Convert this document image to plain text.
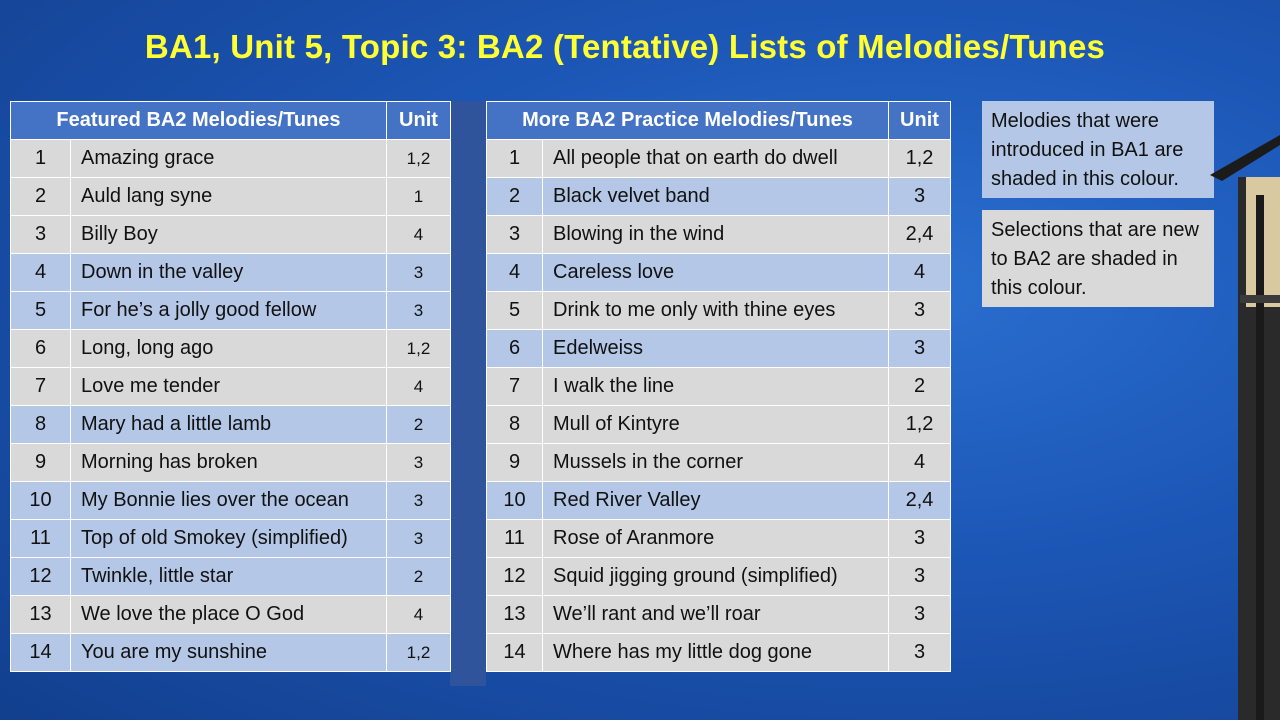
BA1, Unit 5, Topic 3: BA2 (Tentative) Lists of Melodies/Tunes
Featured BA2 Melodies/Tunes		Unit
1	Amazing grace	1,2
2	Auld lang syne	1
3	Billy Boy	4
4	Down in the valley	3
5	For he’s a jolly good fellow	3
6	Long, long ago	1,2
7	Love me tender	4
8	Mary had a little lamb	2
9	Morning has broken	3
10	My Bonnie lies over the ocean	3
11	Top of old Smokey (simplified)	3
12	Twinkle, little star	2
13	We love the place O God	4
14	You are my sunshine	1,2
More BA2 Practice Melodies/Tunes		Unit
1	All people that on earth do dwell	1,2
2	Black velvet band	3
3	Blowing in the wind	2,4
4	Careless love	4
5	Drink to me only with thine eyes	3
6	Edelweiss	3
7	I walk the line	2
8	Mull of Kintyre	1,2
9	Mussels in the corner	4
10	Red River Valley	2,4
11	Rose of Aranmore	3
12	Squid jigging ground (simplified)	3
13	We’ll rant and we’ll roar	3
14	Where has my little dog gone	3
Melodies that were introduced in BA1 are shaded in this colour.
Selections that are new to BA2 are shaded in this colour.
